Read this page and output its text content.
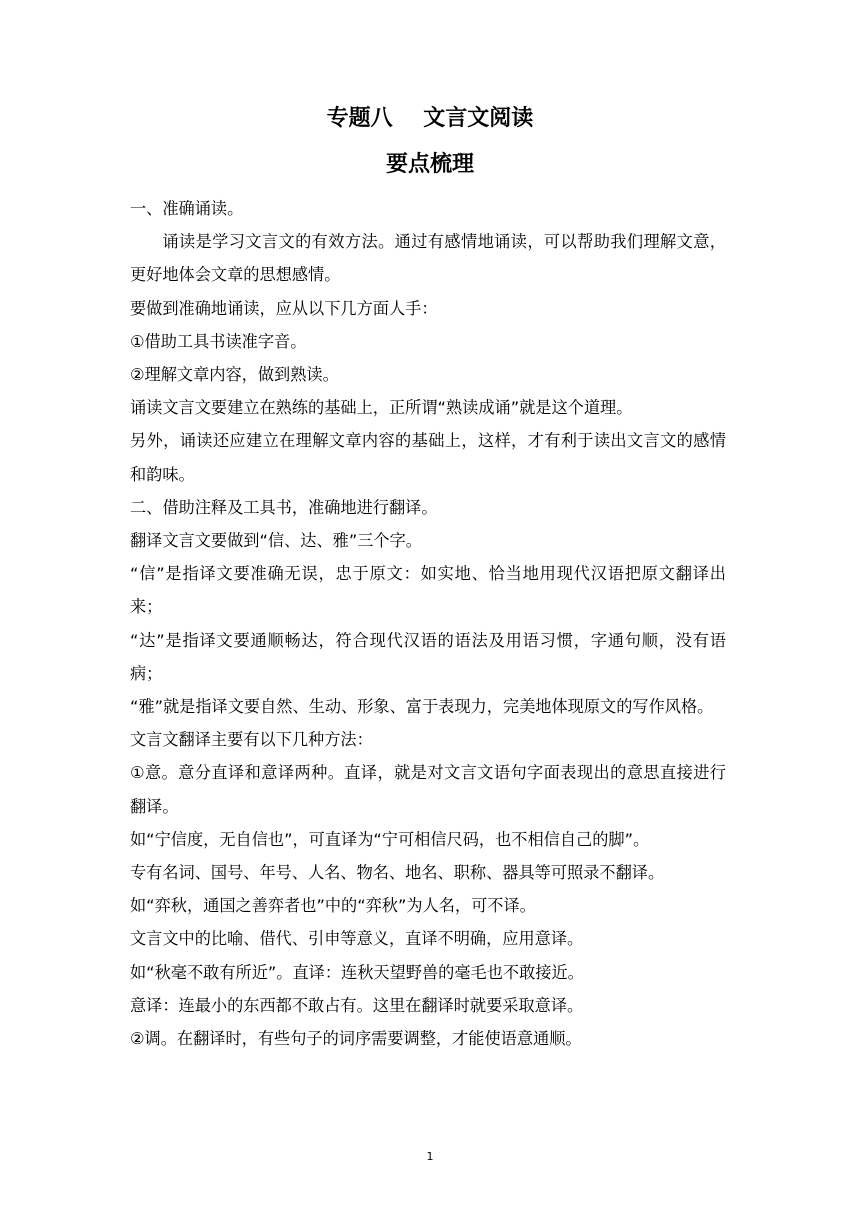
专题八    文言文阅读
要点梳理

一、准确诵读。

诵读是学习文言文的有效方法。通过有感情地诵读，可以帮助我们理解文意，更好地体会文章的思想感情。

要做到准确地诵读，应从以下几方面人手：

①借助工具书读准字音。

②理解文章内容，做到熟读。

诵读文言文要建立在熟练的基础上，正所谓“熟读成诵”就是这个道理。

另外，诵读还应建立在理解文章内容的基础上，这样，才有利于读出文言文的感情和韵味。

二、借助注释及工具书，准确地进行翻译。

翻译文言文要做到“信、达、雅”三个字。

“信”是指译文要准确无误，忠于原文：如实地、恰当地用现代汉语把原文翻译出来；

“达”是指译文要通顺畅达，符合现代汉语的语法及用语习惯，字通句顺，没有语病；

“雅”就是指译文要自然、生动、形象、富于表现力，完美地体现原文的写作风格。

文言文翻译主要有以下几种方法：

①意。意分直译和意译两种。直译，就是对文言文语句字面表现出的意思直接进行翻译。

如“宁信度，无自信也”，可直译为“宁可相信尺码，也不相信自己的脚”。

专有名词、国号、年号、人名、物名、地名、职称、器具等可照录不翻译。

如“弈秋，通国之善弈者也”中的“弈秋”为人名，可不译。

文言文中的比喻、借代、引申等意义，直译不明确，应用意译。

如“秋毫不敢有所近”。直译：连秋天望野兽的毫毛也不敢接近。

意译：连最小的东西都不敢占有。这里在翻译时就要采取意译。

②调。在翻译时，有些句子的词序需要调整，才能使语意通顺。

1
